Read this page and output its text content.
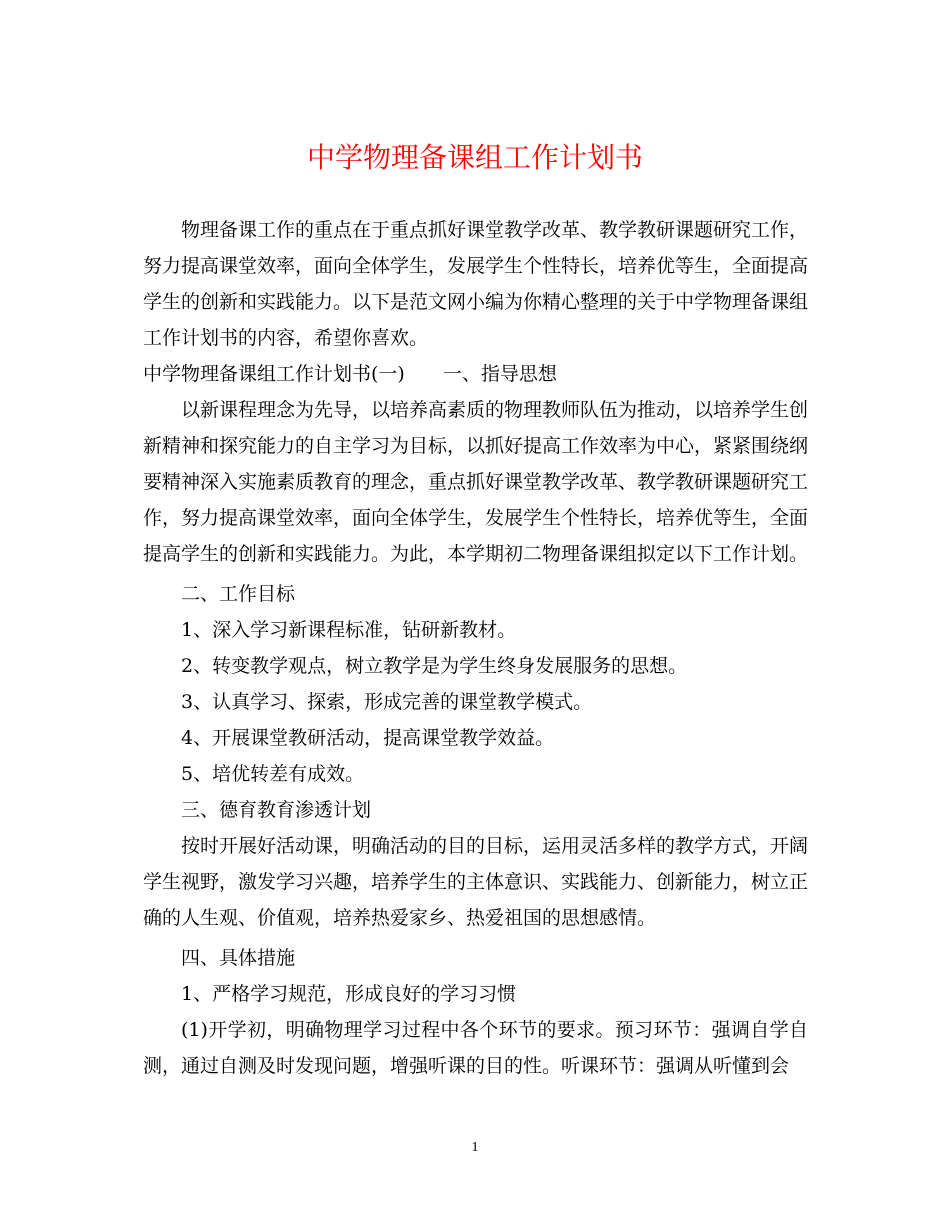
中学物理备课组工作计划书

物理备课工作的重点在于重点抓好课堂教学改革、教学教研课题研究工作，努力提高课堂效率，面向全体学生，发展学生个性特长，培养优等生，全面提高学生的创新和实践能力。以下是范文网小编为你精心整理的关于中学物理备课组工作计划书的内容，希望你喜欢。

中学物理备课组工作计划书(一)　　一、指导思想

以新课程理念为先导，以培养高素质的物理教师队伍为推动，以培养学生创新精神和探究能力的自主学习为目标，以抓好提高工作效率为中心，紧紧围绕纲要精神深入实施素质教育的理念，重点抓好课堂教学改革、教学教研课题研究工作，努力提高课堂效率，面向全体学生，发展学生个性特长，培养优等生，全面提高学生的创新和实践能力。为此，本学期初二物理备课组拟定以下工作计划。

二、工作目标

1、深入学习新课程标准，钻研新教材。

2、转变教学观点，树立教学是为学生终身发展服务的思想。

3、认真学习、探索，形成完善的课堂教学模式。

4、开展课堂教研活动，提高课堂教学效益。

5、培优转差有成效。

三、德育教育渗透计划

按时开展好活动课，明确活动的目的目标，运用灵活多样的教学方式，开阔学生视野，激发学习兴趣，培养学生的主体意识、实践能力、创新能力，树立正确的人生观、价值观，培养热爱家乡、热爱祖国的思想感情。

四、具体措施

1、严格学习规范，形成良好的学习习惯

(1)开学初，明确物理学习过程中各个环节的要求。预习环节：强调自学自测，通过自测及时发现问题，增强听课的目的性。听课环节：强调从听懂到会

1
